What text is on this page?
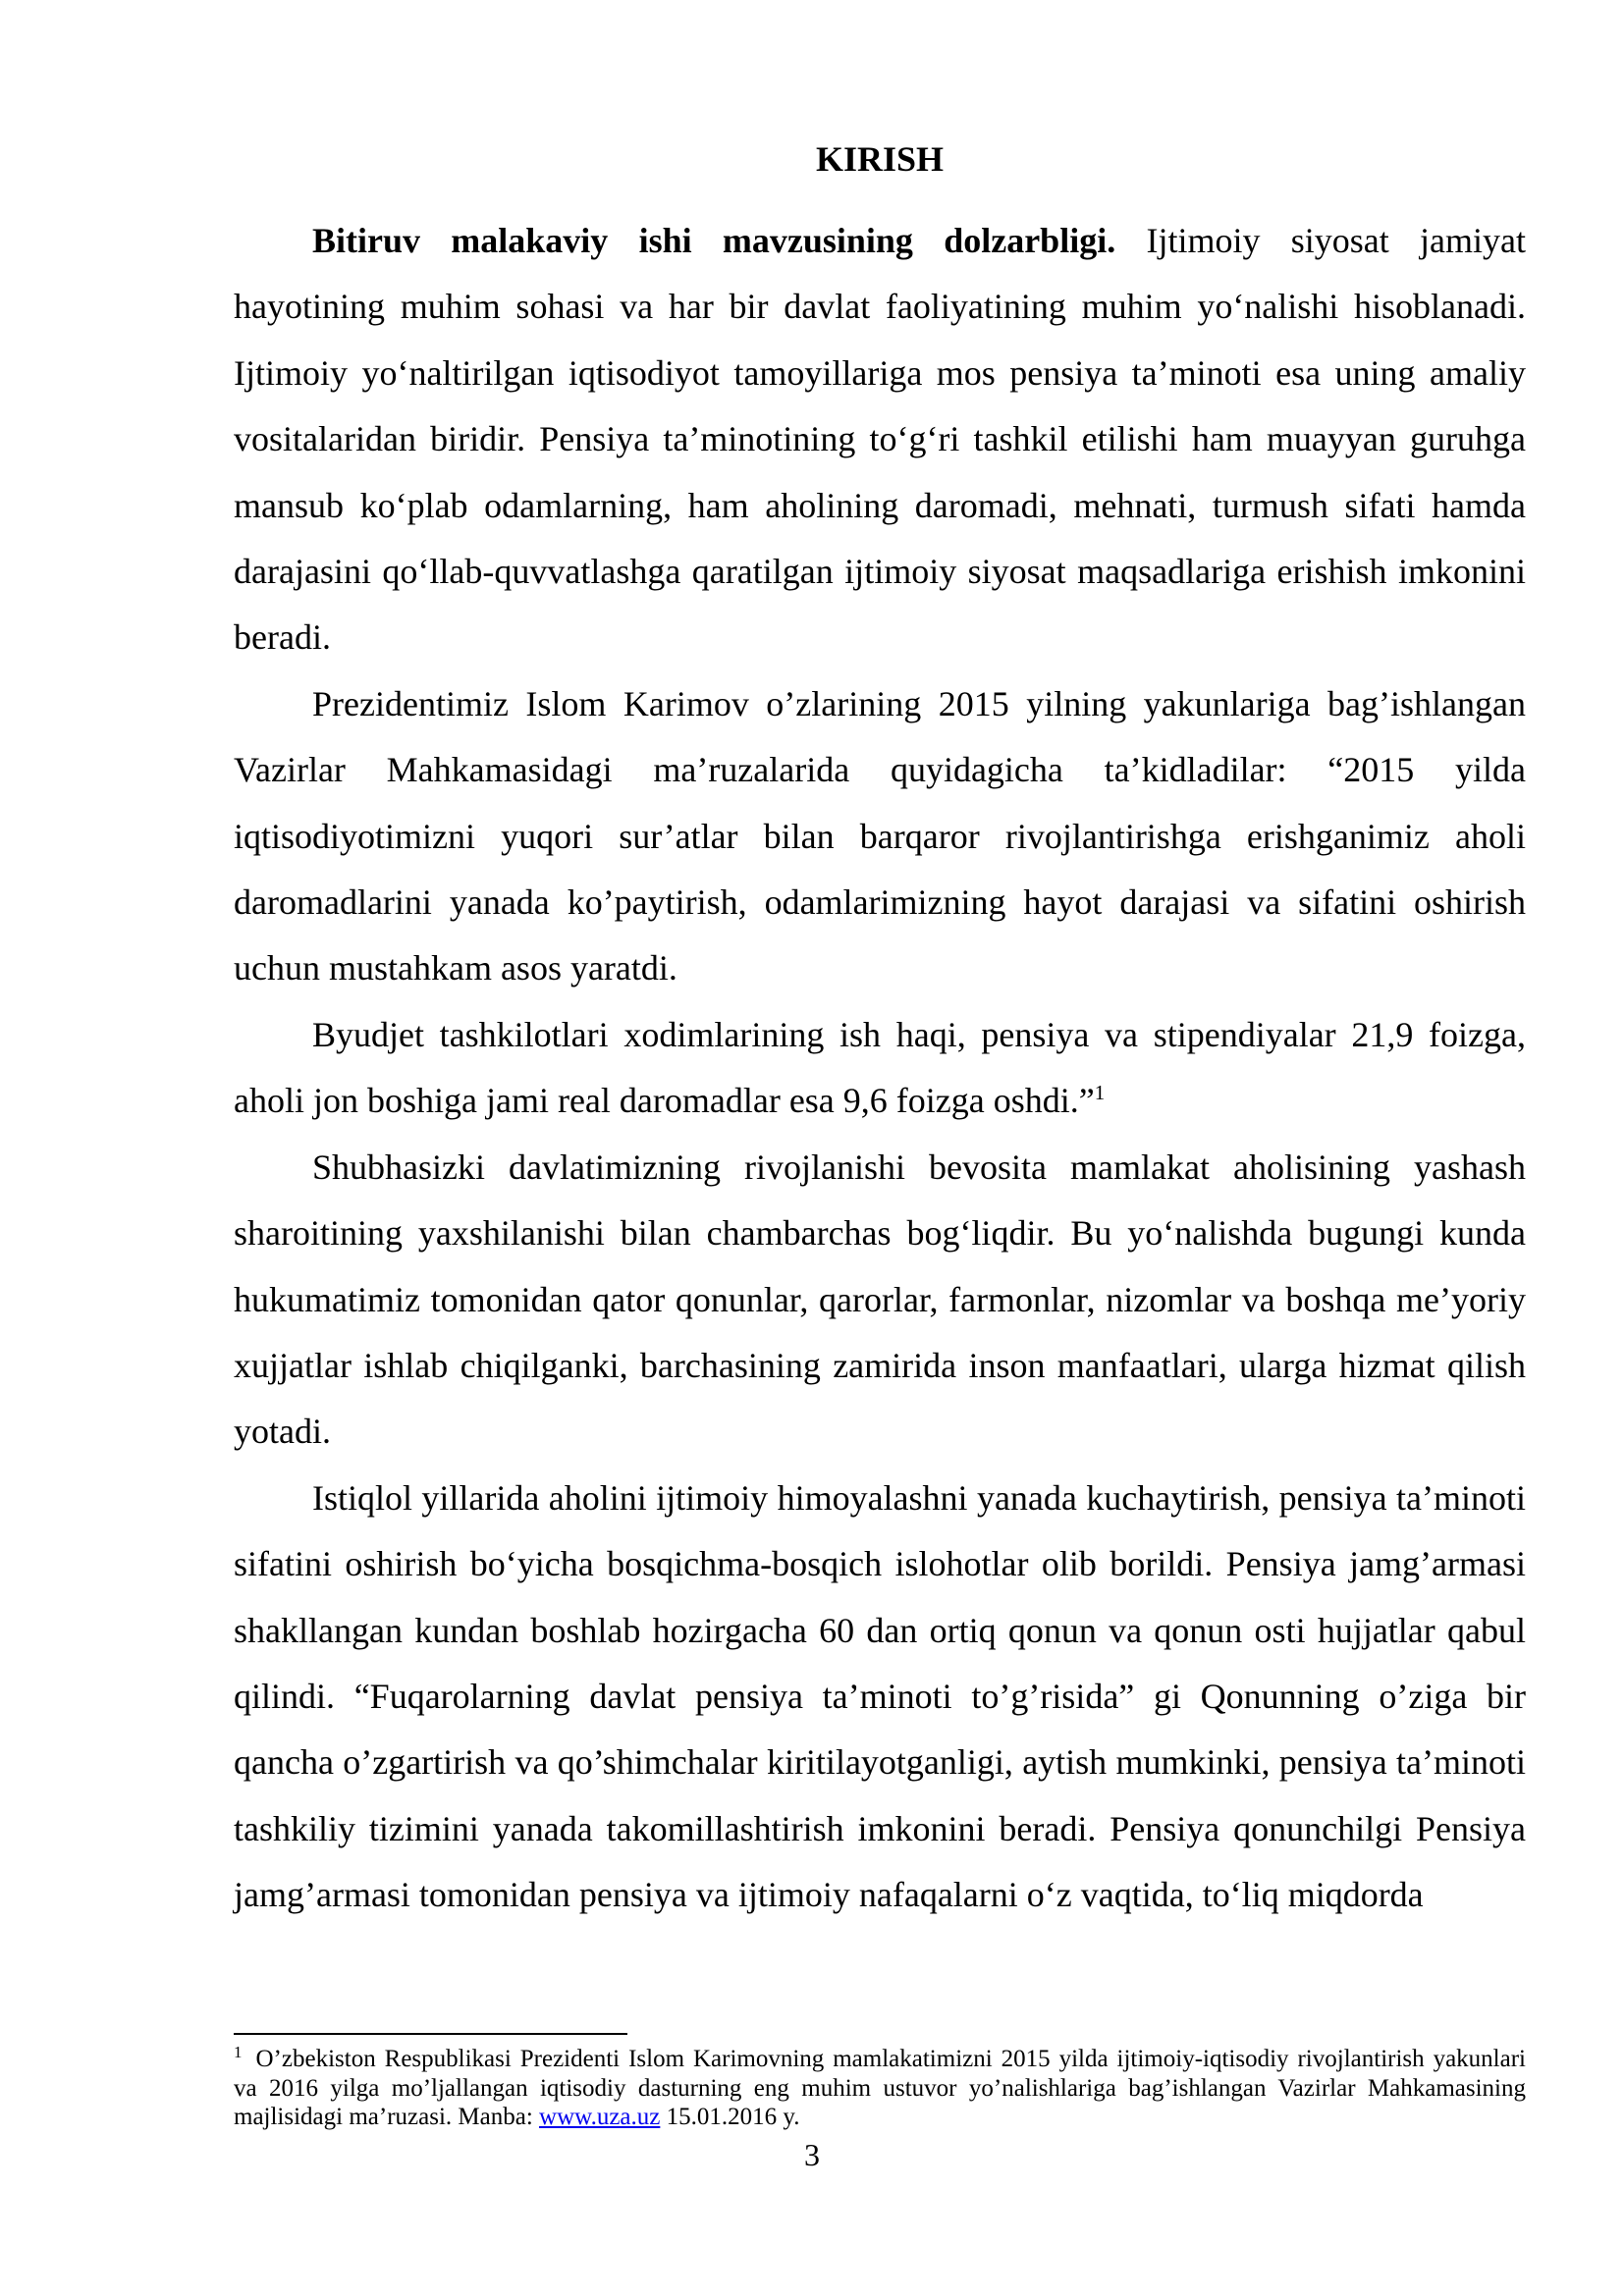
KIRISH

Bitiruv malakaviy ishi mavzusining dolzarbligi. Ijtimoiy siyosat jamiyat hayotining muhim sohasi va har bir davlat faoliyatining muhim yo‘nalishi hisoblanadi. Ijtimoiy yo‘naltirilgan iqtisodiyot tamoyillariga mos pensiya ta’minoti esa uning amaliy vositalaridan biridir. Pensiya ta’minotining to‘g‘ri tashkil etilishi ham muayyan guruhga mansub ko‘plab odamlarning, ham aholining daromadi, mehnati, turmush sifati hamda darajasini qo‘llab-quvvatlashga qaratilgan ijtimoiy siyosat maqsadlariga erishish imkonini beradi.

Prezidentimiz Islom Karimov o’zlarining 2015 yilning yakunlariga bag’ishlangan Vazirlar Mahkamasidagi ma’ruzalarida quyidagicha ta’kidladilar: “2015 yilda iqtisodiyotimizni yuqori sur’atlar bilan barqaror rivojlantirishga erishganimiz aholi daromadlarini yanada ko’paytirish, odamlarimizning hayot darajasi va sifatini oshirish uchun mustahkam asos yaratdi.

Byudjet tashkilotlari xodimlarining ish haqi, pensiya va stipendiyalar 21,9 foizga, aholi jon boshiga jami real daromadlar esa 9,6 foizga oshdi.”$^1$

Shubhasizki davlatimizning rivojlanishi bevosita mamlakat aholisining yashash sharoitining yaxshilanishi bilan chambarchas bog‘liqdir. Bu yo‘nalishda bugungi kunda hukumatimiz tomonidan qator qonunlar, qarorlar, farmonlar, nizomlar va boshqa me’yoriy xujjatlar ishlab chiqilganki, barchasining zamirida inson manfaatlari, ularga hizmat qilish yotadi.

Istiqlol yillarida aholini ijtimoiy himoyalashni yanada kuchaytirish, pensiya ta’minoti sifatini oshirish bo‘yicha bosqichma-bosqich islohotlar olib borildi. Pensiya jamg’armasi shakllangan kundan boshlab hozirgacha 60 dan ortiq qonun va qonun osti hujjatlar qabul qilindi. “Fuqarolarning davlat pensiya ta’minoti to’g’risida” gi Qonunning o’ziga bir qancha o’zgartirish va qo’shimchalar kiritilayotganligi, aytish mumkinki, pensiya ta’minoti tashkiliy tizimini yanada takomillashtirish imkonini beradi. Pensiya qonunchilgi Pensiya jamg’armasi tomonidan pensiya va ijtimoiy nafaqalarni o‘z vaqtida, to‘liq miqdorda

$^1$ O’zbekiston Respublikasi Prezidenti Islom Karimovning mamlakatimizni 2015 yilda ijtimoiy-iqtisodiy rivojlantirish yakunlari va 2016 yilga mo’ljallangan iqtisodiy dasturning eng muhim ustuvor yo’nalishlariga bag’ishlangan Vazirlar Mahkamasining majlisidagi ma’ruzasi. Manba: www.uza.uz 15.01.2016 y.

3
